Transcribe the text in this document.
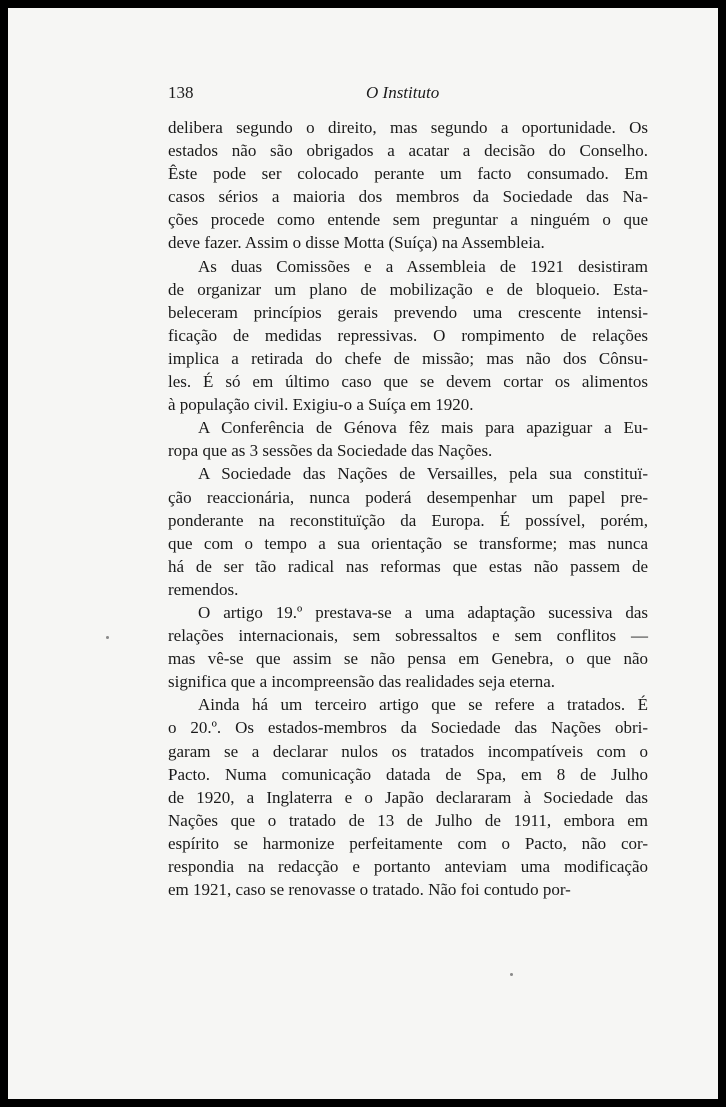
138	O Instituto
delibera segundo o direito, mas segundo a oportunidade. Os
estados não são obrigados a acatar a decisão do Conselho.
Êste pode ser colocado perante um facto consumado. Em
casos sérios a maioria dos membros da Sociedade das Na-
ções procede como entende sem preguntar a ninguém o que
deve fazer. Assim o disse Motta (Suíça) na Assembleia.
As duas Comissões e a Assembleia de 1921 desistiram
de organizar um plano de mobilização e de bloqueio. Esta-
beleceram princípios gerais prevendo uma crescente intensi-
ficação de medidas repressivas. O rompimento de relações
implica a retirada do chefe de missão; mas não dos Cônsu-
les. É só em último caso que se devem cortar os alimentos
à população civil. Exigiu-o a Suíça em 1920.
A Conferência de Génova fêz mais para apaziguar a Eu-
ropa que as 3 sessões da Sociedade das Nações.
A Sociedade das Nações de Versailles, pela sua constituï-
ção reaccionária, nunca poderá desempenhar um papel pre-
ponderante na reconstituïção da Europa. É possível, porém,
que com o tempo a sua orientação se transforme; mas nunca
há de ser tão radical nas reformas que estas não passem de
remendos.
O artigo 19.º prestava-se a uma adaptação sucessiva das
relações internacionais, sem sobressaltos e sem conflitos —
mas vê-se que assim se não pensa em Genebra, o que não
significa que a incompreensão das realidades seja eterna.
Ainda há um terceiro artigo que se refere a tratados. É
o 20.º. Os estados-membros da Sociedade das Nações obri-
garam se a declarar nulos os tratados incompatíveis com o
Pacto. Numa comunicação datada de Spa, em 8 de Julho
de 1920, a Inglaterra e o Japão declararam à Sociedade das
Nações que o tratado de 13 de Julho de 1911, embora em
espírito se harmonize perfeitamente com o Pacto, não cor-
respondia na redacção e portanto anteviam uma modificação
em 1921, caso se renovasse o tratado. Não foi contudo por-
